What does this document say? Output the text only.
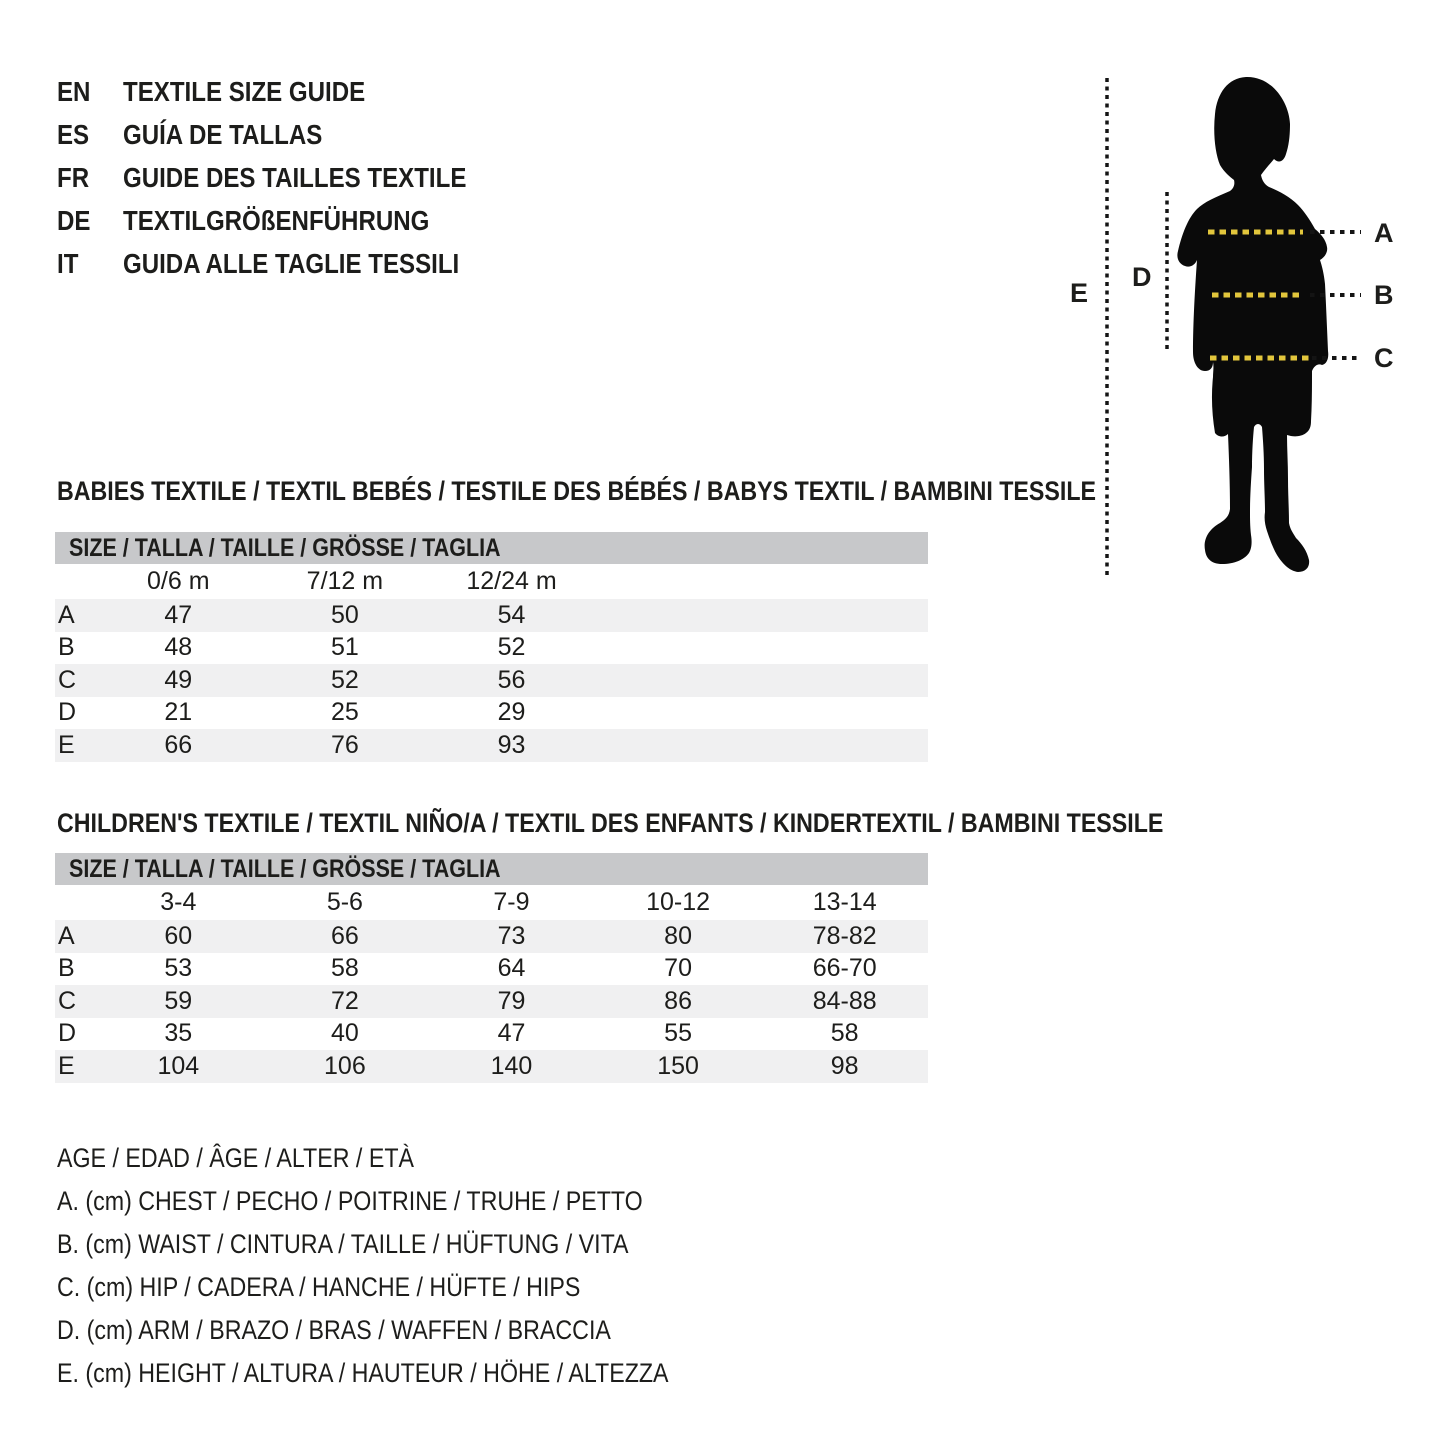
EN	TEXTILE SIZE GUIDE
ES	GUÍA DE TALLAS
FR	GUIDE DES TAILLES TEXTILE
DE	TEXTILGRÖßENFÜHRUNG
IT	GUIDA ALLE TAGLIE TESSILI
E
D
A
B
C
BABIES TEXTILE / TEXTIL BEBÉS / TESTILE DES BÉBÉS / BABYS TEXTIL / BAMBINI TESSILE
SIZE / TALLA / TAILLE / GRÖSSE / TAGLIA
0/6 m	7/12 m	12/24 m
A	47	50	54
B	48	51	52
C	49	52	56
D	21	25	29
E	66	76	93
CHILDREN'S TEXTILE / TEXTIL NIÑO/A / TEXTIL DES ENFANTS / KINDERTEXTIL / BAMBINI TESSILE
SIZE / TALLA / TAILLE / GRÖSSE / TAGLIA
3-4	5-6	7-9	10-12	13-14
A	60	66	73	80	78-82
B	53	58	64	70	66-70
C	59	72	79	86	84-88
D	35	40	47	55	58
E	104	106	140	150	98
AGE / EDAD / ÂGE / ALTER / ETÀ
A. (cm) CHEST / PECHO / POITRINE / TRUHE / PETTO
B. (cm) WAIST / CINTURA / TAILLE / HÜFTUNG / VITA
C. (cm) HIP / CADERA / HANCHE / HÜFTE / HIPS
D. (cm) ARM / BRAZO / BRAS / WAFFEN / BRACCIA
E. (cm) HEIGHT / ALTURA / HAUTEUR / HÖHE / ALTEZZA
